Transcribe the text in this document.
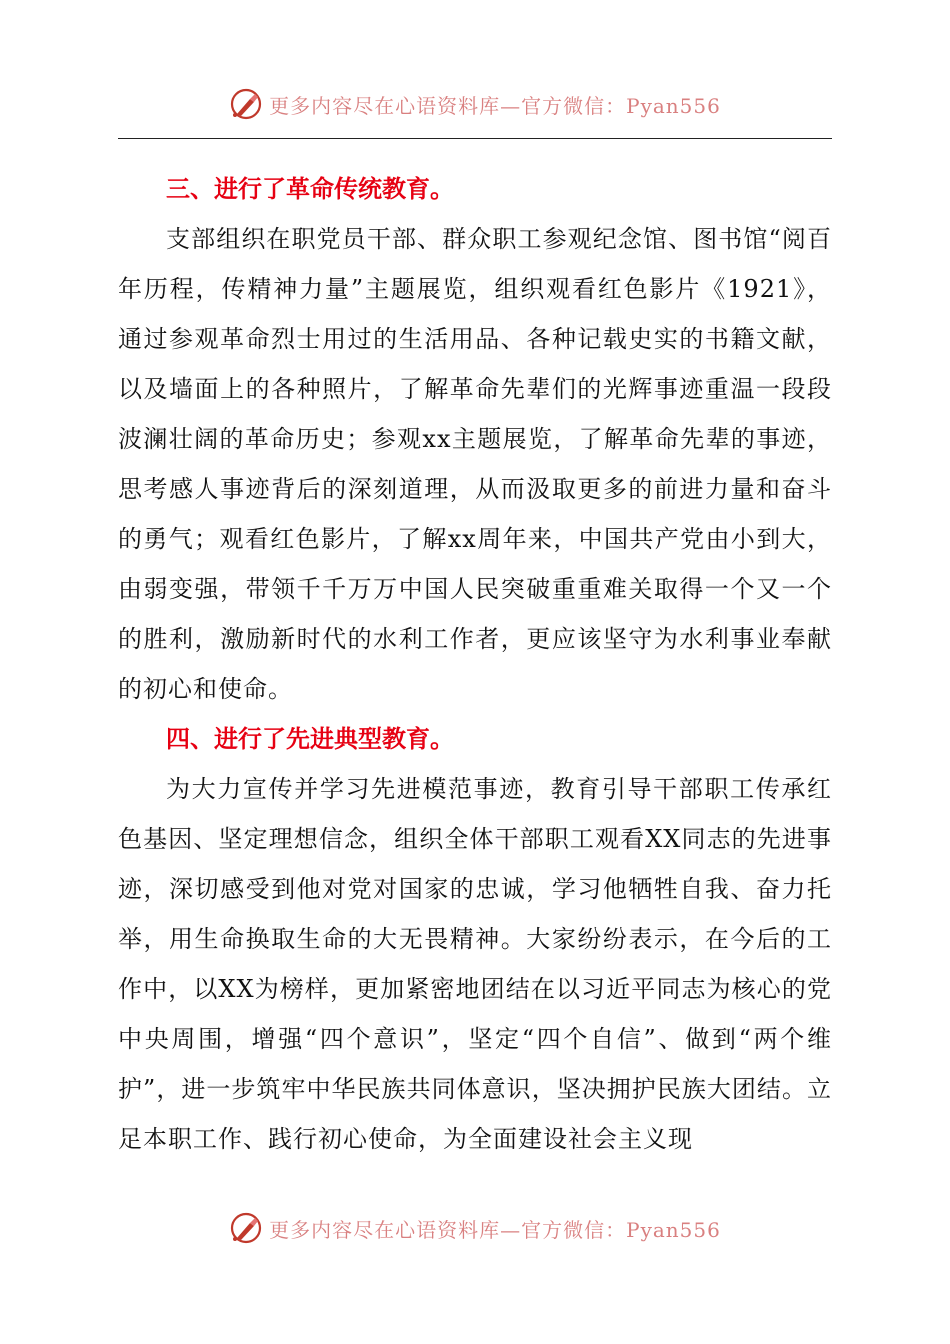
更多内容尽在心语资料库—官方微信：Pyan556
三、进行了革命传统教育。

支部组织在职党员干部、群众职工参观纪念馆、图书馆“阅百年历程，传精神力量”主题展览，组织观看红色影片《1921》，通过参观革命烈士用过的生活用品、各种记载史实的书籍文献，以及墙面上的各种照片，了解革命先辈们的光辉事迹重温一段段波澜壮阔的革命历史；参观xx主题展览，了解革命先辈的事迹，思考感人事迹背后的深刻道理，从而汲取更多的前进力量和奋斗的勇气；观看红色影片，了解xx周年来，中国共产党由小到大，由弱变强，带领千千万万中国人民突破重重难关取得一个又一个的胜利，激励新时代的水利工作者，更应该坚守为水利事业奉献的初心和使命。

四、进行了先进典型教育。

为大力宣传并学习先进模范事迹，教育引导干部职工传承红色基因、坚定理想信念，组织全体干部职工观看XX同志的先进事迹，深切感受到他对党对国家的忠诚，学习他牺牲自我、奋力托举，用生命换取生命的大无畏精神。大家纷纷表示，在今后的工作中，以XX为榜样，更加紧密地团结在以习近平同志为核心的党中央周围，增强“四个意识”，坚定“四个自信”、做到“两个维护”，进一步筑牢中华民族共同体意识，坚决拥护民族大团结。立足本职工作、践行初心使命，为全面建设社会主义现

更多内容尽在心语资料库—官方微信：Pyan556
